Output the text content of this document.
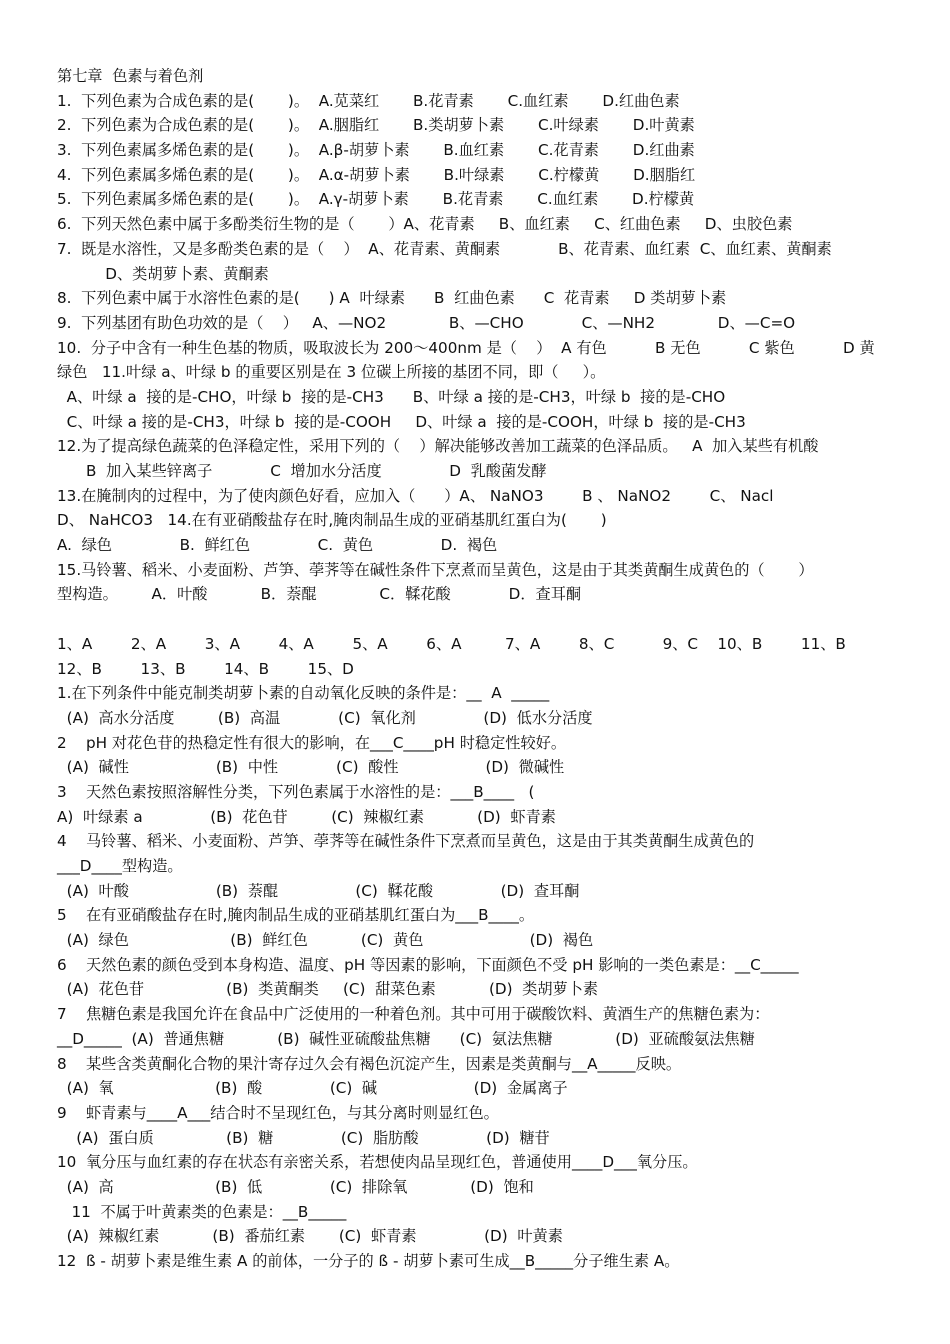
第七章  色素与着色剂
1.  下列色素为合成色素的是(       )。  A.苋菜红       B.花青素       C.血红素       D.红曲色素
2.  下列色素为合成色素的是(       )。  A.胭脂红       B.类胡萝卜素       C.叶绿素       D.叶黄素
3.  下列色素属多烯色素的是(       )。  A.β-胡萝卜素       B.血红素       C.花青素       D.红曲素
4.  下列色素属多烯色素的是(       )。  A.α-胡萝卜素       B.叶绿素       C.柠檬黄       D.胭脂红
5.  下列色素属多烯色素的是(       )。  A.γ-胡萝卜素       B.花青素       C.血红素       D.柠檬黄
6.  下列天然色素中属于多酚类衍生物的是（       ）A、花青素     B、血红素     C、红曲色素     D、虫胶色素
7.  既是水溶性，又是多酚类色素的是（    ）  A、花青素、黄酮素            B、花青素、血红素  C、血红素、黄酮素
D、类胡萝卜素、黄酮素
8.  下列色素中属于水溶性色素的是(      ) A  叶绿素      B  红曲色素      C  花青素     D 类胡萝卜素
9.  下列基团有助色功效的是（    ）   A、—NO2             B、—CHO            C、—NH2             D、—C=O
10.  分子中含有一种生色基的物质，吸取波长为 200～400nm 是（    ）  A 有色          B 无色          C 紫色          D 黄
绿色   11.叶绿 a、叶绿 b 的重要区别是在 3 位碳上所接的基团不同，即（     ）。
A、叶绿 a  接的是-CHO，叶绿 b  接的是-CH3      B、叶绿 a 接的是-CH3，叶绿 b  接的是-CHO
C、叶绿 a 接的是-CH3，叶绿 b  接的是-COOH     D、叶绿 a  接的是-COOH，叶绿 b  接的是-CH3
12.为了提高绿色蔬菜的色泽稳定性，采用下列的（    ）解决能够改善加工蔬菜的色泽品质。   A  加入某些有机酸
B  加入某些锌离子            C  增加水分活度              D  乳酸菌发酵
13.在腌制肉的过程中，为了使肉颜色好看，应加入（      ）A、 NaNO3        B 、 NaNO2        C、 Nacl
D、 NaHCO3   14.在有亚硝酸盐存在时,腌肉制品生成的亚硝基肌红蛋白为(       )
A.  绿色              B.  鲜红色              C.  黄色              D.  褐色
15.马铃薯、稻米、小麦面粉、芦笋、荸荠等在碱性条件下烹煮而呈黄色，这是由于其类黄酮生成黄色的（       ）
型构造。       A．叶酸           B．萘醌             C．鞣花酸            D．查耳酮
1、A        2、A        3、A        4、A        5、A        6、A         7、A        8、C          9、C    10、B        11、B
12、B        13、B        14、B        15、D
1.在下列条件中能克制类胡萝卜素的自动氧化反映的条件是：__  A  _____
(A)  高水分活度         (B)  高温            (C)  氧化剂              (D)  低水分活度
2    pH 对花色苷的热稳定性有很大的影响，在___C____pH 时稳定性较好。
(A)  碱性                  (B)  中性            (C)  酸性                  (D)  微碱性
3    天然色素按照溶解性分类，下列色素属于水溶性的是：___B____   (
A)  叶绿素 a              (B)  花色苷         (C)  辣椒红素           (D)  虾青素
4    马铃薯、稻米、小麦面粉、芦笋、荸荠等在碱性条件下烹煮而呈黄色，这是由于其类黄酮生成黄色的
___D____型构造。
(A)  叶酸                  (B)  萘醌                (C)  鞣花酸              (D)  查耳酮
5    在有亚硝酸盐存在时,腌肉制品生成的亚硝基肌红蛋白为___B____。
(A)  绿色                     (B)  鲜红色           (C)  黄色                      (D)  褐色
6    天然色素的颜色受到本身构造、温度、pH 等因素的影响，下面颜色不受 pH 影响的一类色素是：__C_____
(A)  花色苷                 (B)  类黄酮类     (C)  甜菜色素           (D)  类胡萝卜素
7    焦糖色素是我国允许在食品中广泛使用的一种着色剂。其中可用于碳酸饮料、黄酒生产的焦糖色素为：
__D_____  (A)  普通焦糖           (B)  碱性亚硫酸盐焦糖      (C)  氨法焦糖             (D)  亚硫酸氨法焦糖
8    某些含类黄酮化合物的果汁寄存过久会有褐色沉淀产生，因素是类黄酮与__A_____反映。
(A)  氧                     (B)  酸              (C)  碱                    (D)  金属离子
9    虾青素与____A___结合时不呈现红色，与其分离时则显红色。
(A)  蛋白质               (B)  糖              (C)  脂肪酸              (D)  糖苷
10  氧分压与血红素的存在状态有亲密关系，若想使肉品呈现红色，普通使用____D___氧分压。
(A)  高                     (B)  低              (C)  排除氧             (D)  饱和
11  不属于叶黄素类的色素是：__B_____
(A)  辣椒红素           (B)  番茄红素       (C)  虾青素              (D)  叶黄素
12  ß - 胡萝卜素是维生素 A 的前体，一分子的 ß - 胡萝卜素可生成__B_____分子维生素 A。
